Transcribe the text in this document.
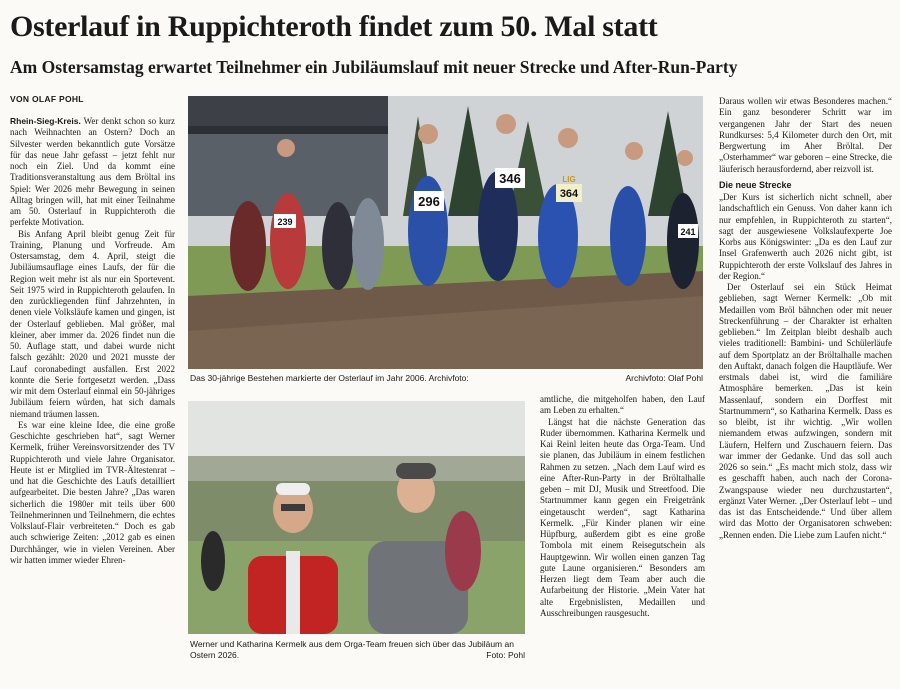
Osterlauf in Ruppichteroth findet zum 50. Mal statt
Am Ostersamstag erwartet Teilnehmer ein Jubiläumslauf mit neuer Strecke und After-Run-Party
VON OLAF POHL

Rhein-Sieg-Kreis. Wer denkt schon so kurz nach Weihnachten an Ostern? Doch an Silvester werden bekanntlich gute Vorsätze für das neue Jahr gefasst – jetzt fehlt nur noch ein Ziel. Und da kommt eine Traditionsveranstaltung aus dem Bröltal ins Spiel: Wer 2026 mehr Bewegung in seinen Alltag bringen will, hat mit einer Teilnahme am 50. Osterlauf in Ruppichteroth die perfekte Motivation.

Bis Anfang April bleibt genug Zeit für Training, Planung und Vorfreude. Am Ostersamstag, dem 4. April, steigt die Jubiläumsauflage eines Laufs, der für die Region weit mehr ist als nur ein Sportevent. Seit 1975 wird in Ruppichteroth gelaufen. In den zurückliegenden fünf Jahrzehnten, in denen viele Volksläufe kamen und gingen, ist der Osterlauf geblieben. Mal größer, mal kleiner, aber immer da. 2026 findet nun die 50. Auflage statt, und dabei wurde nicht falsch gezählt: 2020 und 2021 musste der Lauf coronabedingt ausfallen. Erst 2022 konnte die Serie fortgesetzt werden. „Dass wir mit dem Osterlauf einmal ein 50-jähriges Jubiläum feiern würden, hat sich damals niemand träumen lassen.

Es war eine kleine Idee, die eine große Geschichte geschrieben hat“, sagt Werner Kermelk, früher Vereinsvorsitzender des TV Ruppichteroth und viele Jahre Organisator. Heute ist er Mitglied im TVR-Ältestenrat – und hat die Geschichte des Laufs detailliert aufgearbeitet. Die besten Jahre? „Das waren sicherlich die 1980er mit teils über 600 Teilnehmerinnen und Teilnehmern, die echtes Volkslauf-Flair verbreiteten.“ Doch es gab auch schwierige Zeiten: „2012 gab es einen Durchhänger, wie in vielen Vereinen. Aber wir hatten immer wieder Ehren-

239
296
346
364
LIG
241
Das 30-jährige Bestehen markierte der Osterlauf im Jahr 2006. Archivfoto:	Archivfoto: Olaf Pohl
Werner und Katharina Kermelk aus dem Orga-Team freuen sich über das Jubiläum an Ostern 2026.	Foto: Pohl

amtliche, die mitgeholfen haben, den Lauf am Leben zu erhalten.“

Längst hat die nächste Generation das Ruder übernommen. Katharina Kermelk und Kai Reinl leiten heute das Orga-Team. Und sie planen, das Jubiläum in einem festlichen Rahmen zu setzen. „Nach dem Lauf wird es eine After-Run-Party in der Bröltalhalle geben – mit DJ, Musik und Streetfood. Die Startnummer kann gegen ein Freigetränk eingetauscht werden“, sagt Katharina Kermelk. „Für Kinder planen wir eine Hüpfburg, außerdem gibt es eine große Tombola mit einem Reisegutschein als Hauptgewinn. Wir wollen einen ganzen Tag gute Laune organisieren.“ Besonders am Herzen liegt dem Team aber auch die Aufarbeitung der Historie. „Mein Vater hat alte Ergebnislisten, Medaillen und Ausschreibungen rausgesucht.

Daraus wollen wir etwas Besonderes machen.“ Ein ganz besonderer Schritt war im vergangenen Jahr der Start des neuen Rundkurses: 5,4 Kilometer durch den Ort, mit Bergwertung im Aher Bröltal. Der „Osterhammer“ war geboren – eine Strecke, die läuferisch herausfordernd, aber reizvoll ist.

Die neue Strecke

„Der Kurs ist sicherlich nicht schnell, aber landschaftlich ein Genuss. Von daher kann ich nur empfehlen, in Ruppichteroth zu starten“, sagt der ausgewiesene Volkslaufexperte Joe Korbs aus Königswinter: „Da es den Lauf zur Insel Grafenwerth auch 2026 nicht gibt, ist Ruppichteroth der erste Volkslauf des Jahres in der Region.“

Der Osterlauf sei ein Stück Heimat geblieben, sagt Werner Kermelk: „Ob mit Medaillen vom Bröl bähnchen oder mit neuer Streckenführung – der Charakter ist erhalten geblieben.“ Im Zeitplan bleibt deshalb auch vieles traditionell: Bambini- und Schülerläufe auf dem Sportplatz an der Bröltalhalle machen den Auftakt, danach folgen die Hauptläufe. Wer erstmals dabei ist, wird die familiäre Atmosphäre bemerken. „Das ist kein Massenlauf, sondern ein Dorffest mit Startnummern“, so Katharina Kermelk. Dass es so bleibt, ist ihr wichtig. „Wir wollen niemandem etwas aufzwingen, sondern mit Läufern, Helfern und Zuschauern feiern. Das war immer der Gedanke. Und das soll auch 2026 so sein.“ „Es macht mich stolz, dass wir es geschafft haben, auch nach der Corona-Zwangspause wieder neu durchzustarten“, ergänzt Vater Werner. „Der Osterlauf lebt – und das ist das Entscheidende.“ Und über allem wird das Motto der Organisatoren schweben: „Rennen enden. Die Liebe zum Laufen nicht.“
